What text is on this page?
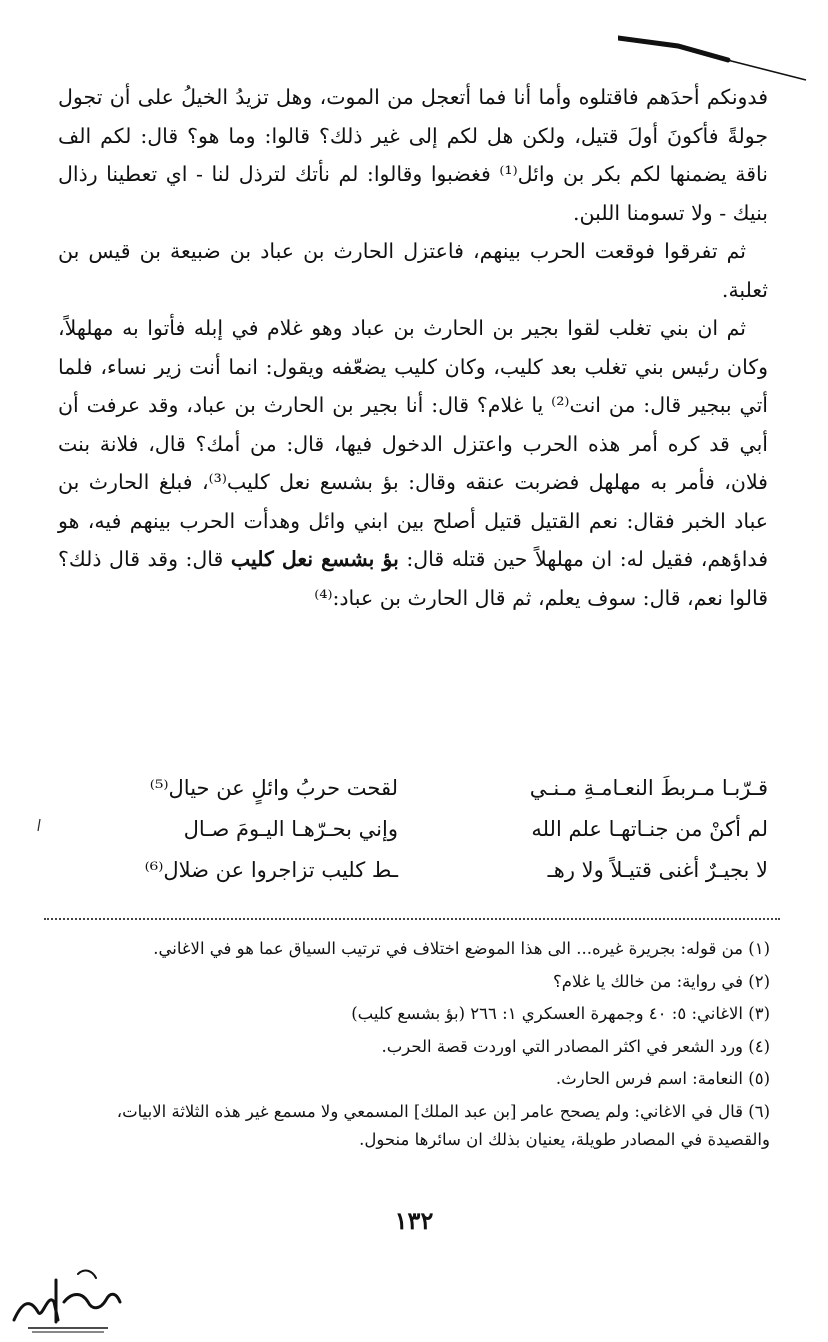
فدونكم أحدَهم فاقتلوه وأما أنا فما أتعجل من الموت، وهل تزيدُ الخيلُ على أن تجول جولةً فأكونَ أولَ قتيل، ولكن هل لكم إلى غير ذلك؟ قالوا: وما هو؟ قال: لكم الف ناقة يضمنها لكم بكر بن وائل⁽¹⁾ فغضبوا وقالوا: لم نأتك لترذل لنا - اي تعطينا رذال بنيك - ولا تسومنا اللبن.

ثم تفرقوا فوقعت الحرب بينهم، فاعتزل الحارث بن عباد بن ضبيعة بن قيس بن ثعلبة.

ثم ان بني تغلب لقوا بجير بن الحارث بن عباد وهو غلام في إبله فأتوا به مهلهلاً، وكان رئيس بني تغلب بعد كليب، وكان كليب يضعّفه ويقول: انما أنت زير نساء، فلما أتي ببجير قال: من انت⁽²⁾ يا غلام؟ قال: أنا بجير بن الحارث بن عباد، وقد عرفت أن أبي قد كره أمر هذه الحرب واعتزل الدخول فيها، قال: من أمك؟ قال، فلانة بنت فلان، فأمر به مهلهل فضربت عنقه وقال: بؤ بشسع نعل كليب⁽³⁾، فبلغ الحارث بن عباد الخبر فقال: نعم القتيل قتيل أصلح بين ابني وائل وهدأت الحرب بينهم فيه، هو فداؤهم، فقيل له: ان مهلهلاً حين قتله قال: بؤ بشسع نعل كليب قال: وقد قال ذلك؟ قالوا نعم، قال: سوف يعلم، ثم قال الحارث بن عباد:⁽⁴⁾

قـرّبـا مـربطَ النعـامـةِ مـنـي
لقحت حربُ وائلٍ عن حيال⁽⁵⁾
لم أكنْ من جنـاتهـا علم الله
وإني بحـرّهـا اليـومَ صـال
لا بجيـرٌ أغنى قتيـلاً ولا رهـ
ـط كليب تزاجروا عن ضلال⁽⁶⁾

(١) من قوله: بجريرة غيره... الى هذا الموضع اختلاف في ترتيب السياق عما هو في الاغاني.

(٢) في رواية: من خالك يا غلام؟

(٣) الاغاني: ٥: ٤٠ وجمهرة العسكري ١: ٢٦٦ (بؤ بشسع كليب)

(٤) ورد الشعر في اكثر المصادر التي اوردت قصة الحرب.

(٥) النعامة: اسم فرس الحارث.

(٦) قال في الاغاني: ولم يصحح عامر [بن عبد الملك] المسمعي ولا مسمع غير هذه الثلاثة الابيات، والقصيدة في المصادر طويلة، يعنيان بذلك ان سائرها منحول.

١٣٢
